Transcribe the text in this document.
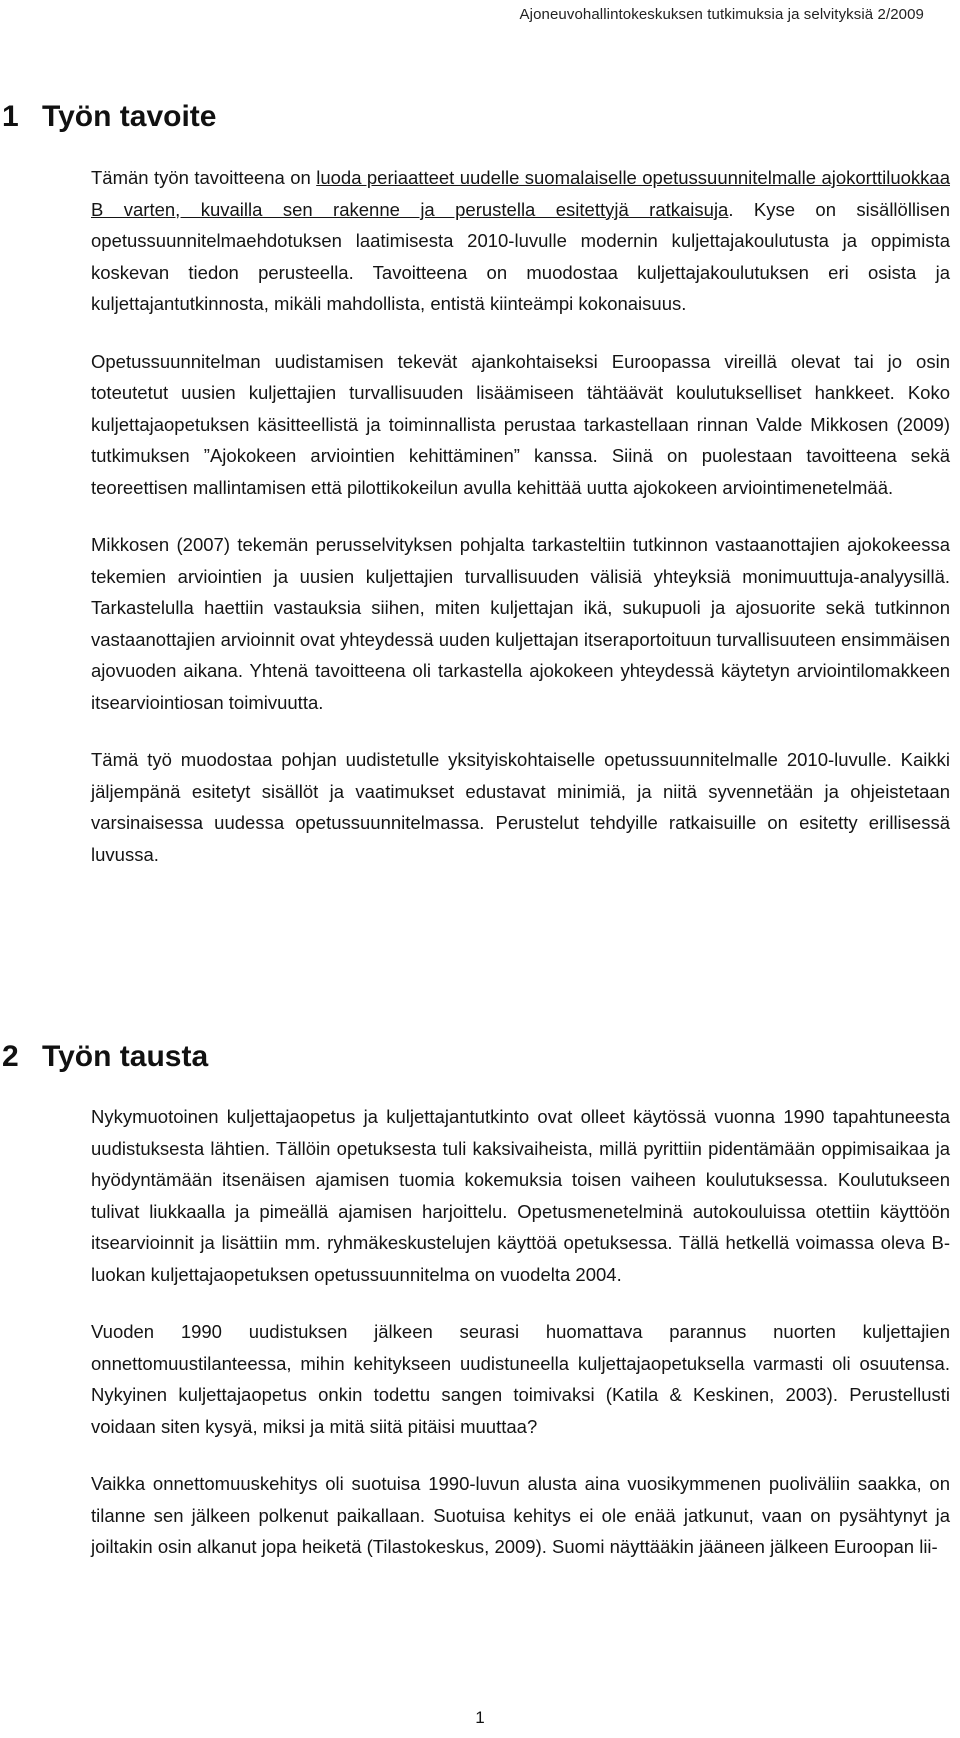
Ajoneuvohallintokeskuksen tutkimuksia ja selvityksiä 2/2009
1 Työn tavoite

Tämän työn tavoitteena on luoda periaatteet uudelle suomalaiselle opetussuunnitelmalle ajokorttiluokkaa B varten, kuvailla sen rakenne ja perustella esitettyjä ratkaisuja. Kyse on sisällöllisen opetussuunnitelmaehdotuksen laatimisesta 2010-luvulle modernin kuljettajakoulutusta ja oppimista koskevan tiedon perusteella. Tavoitteena on muodostaa kuljettajakoulutuksen eri osista ja kuljettajantutkinnosta, mikäli mahdollista, entistä kiinteämpi kokonaisuus.

Opetussuunnitelman uudistamisen tekevät ajankohtaiseksi Euroopassa vireillä olevat tai jo osin toteutetut uusien kuljettajien turvallisuuden lisäämiseen tähtäävät koulutukselliset hankkeet. Koko kuljettajaopetuksen käsitteellistä ja toiminnallista perustaa tarkastellaan rinnan Valde Mikkosen (2009) tutkimuksen ”Ajokokeen arviointien kehittäminen” kanssa. Siinä on puolestaan tavoitteena sekä teoreettisen mallintamisen että pilottikokeilun avulla kehittää uutta ajokokeen arviointimenetelmää.

Mikkosen (2007) tekemän perusselvityksen pohjalta tarkasteltiin tutkinnon vastaanottajien ajokokeessa tekemien arviointien ja uusien kuljettajien turvallisuuden välisiä yhteyksiä monimuuttuja-analyysillä. Tarkastelulla haettiin vastauksia siihen, miten kuljettajan ikä, sukupuoli ja ajosuorite sekä tutkinnon vastaanottajien arvioinnit ovat yhteydessä uuden kuljettajan itseraportoituun turvallisuuteen ensimmäisen ajovuoden aikana. Yhtenä tavoitteena oli tarkastella ajokokeen yhteydessä käytetyn arviointilomakkeen itsearviointiosan toimivuutta.

Tämä työ muodostaa pohjan uudistetulle yksityiskohtaiselle opetussuunnitelmalle 2010-luvulle. Kaikki jäljempänä esitetyt sisällöt ja vaatimukset edustavat minimiä, ja niitä syvennetään ja ohjeistetaan varsinaisessa uudessa opetussuunnitelmassa. Perustelut tehdyille ratkaisuille on esitetty erillisessä luvussa.

2 Työn tausta

Nykymuotoinen kuljettajaopetus ja kuljettajantutkinto ovat olleet käytössä vuonna 1990 tapahtuneesta uudistuksesta lähtien. Tällöin opetuksesta tuli kaksivaiheista, millä pyrittiin pidentämään oppimisaikaa ja hyödyntämään itsenäisen ajamisen tuomia kokemuksia toisen vaiheen koulutuksessa. Koulutukseen tulivat liukkaalla ja pimeällä ajamisen harjoittelu. Opetusmenetelminä autokouluissa otettiin käyttöön itsearvioinnit ja lisättiin mm. ryhmäkeskustelujen käyttöä opetuksessa. Tällä hetkellä voimassa oleva B-luokan kuljettajaopetuksen opetussuunnitelma on vuodelta 2004.

Vuoden 1990 uudistuksen jälkeen seurasi huomattava parannus nuorten kuljettajien onnettomuustilanteessa, mihin kehitykseen uudistuneella kuljettajaopetuksella varmasti oli osuutensa. Nykyinen kuljettajaopetus onkin todettu sangen toimivaksi (Katila & Keskinen, 2003). Perustellusti voidaan siten kysyä, miksi ja mitä siitä pitäisi muuttaa?

Vaikka onnettomuuskehitys oli suotuisa 1990-luvun alusta aina vuosikymmenen puoliväliin saakka, on tilanne sen jälkeen polkenut paikallaan. Suotuisa kehitys ei ole enää jatkunut, vaan on pysähtynyt ja joiltakin osin alkanut jopa heiketä (Tilastokeskus, 2009). Suomi näyttääkin jääneen jälkeen Euroopan lii-

1
